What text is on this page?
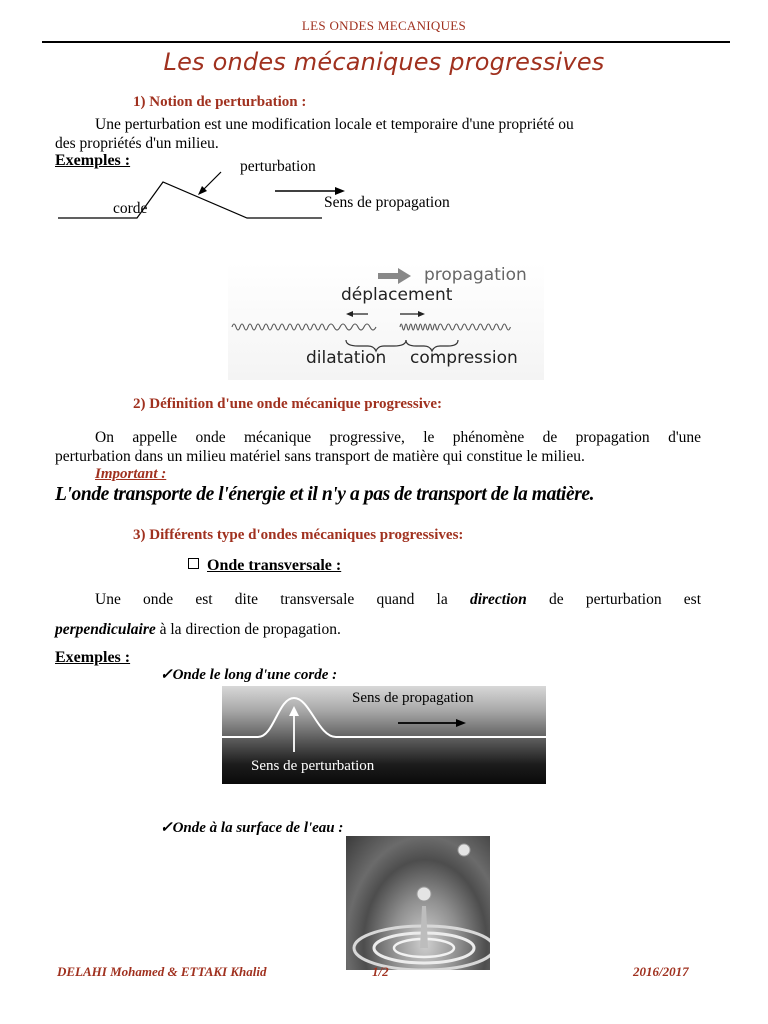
LES ONDES MECANIQUES
Les ondes mécaniques progressives
1) Notion de perturbation :
Une perturbation est une modification locale et temporaire d'une propriété ou
des propriétés d'un milieu.
Exemples :	perturbation
corde	Sens de propagation
propagation
déplacement
dilatation compression
2) Définition d'une onde mécanique progressive:
On appelle onde mécanique progressive, le phénomène de propagation d'une
perturbation dans un milieu matériel sans transport de matière qui constitue le milieu.
Important :
L'onde transporte de l'énergie et il n'y a pas de transport de la matière.
3) Différents type d'ondes mécaniques progressives:
Onde transversale :
Une onde est dite transversale quand la direction de perturbation est
perpendiculaire à la direction de propagation.
Exemples :
✓Onde le long d'une corde :
Sens de propagation
Sens de perturbation
✓Onde à la surface de l'eau :
DELAHI Mohamed & ETTAKI Khalid	1/2	2016/2017
